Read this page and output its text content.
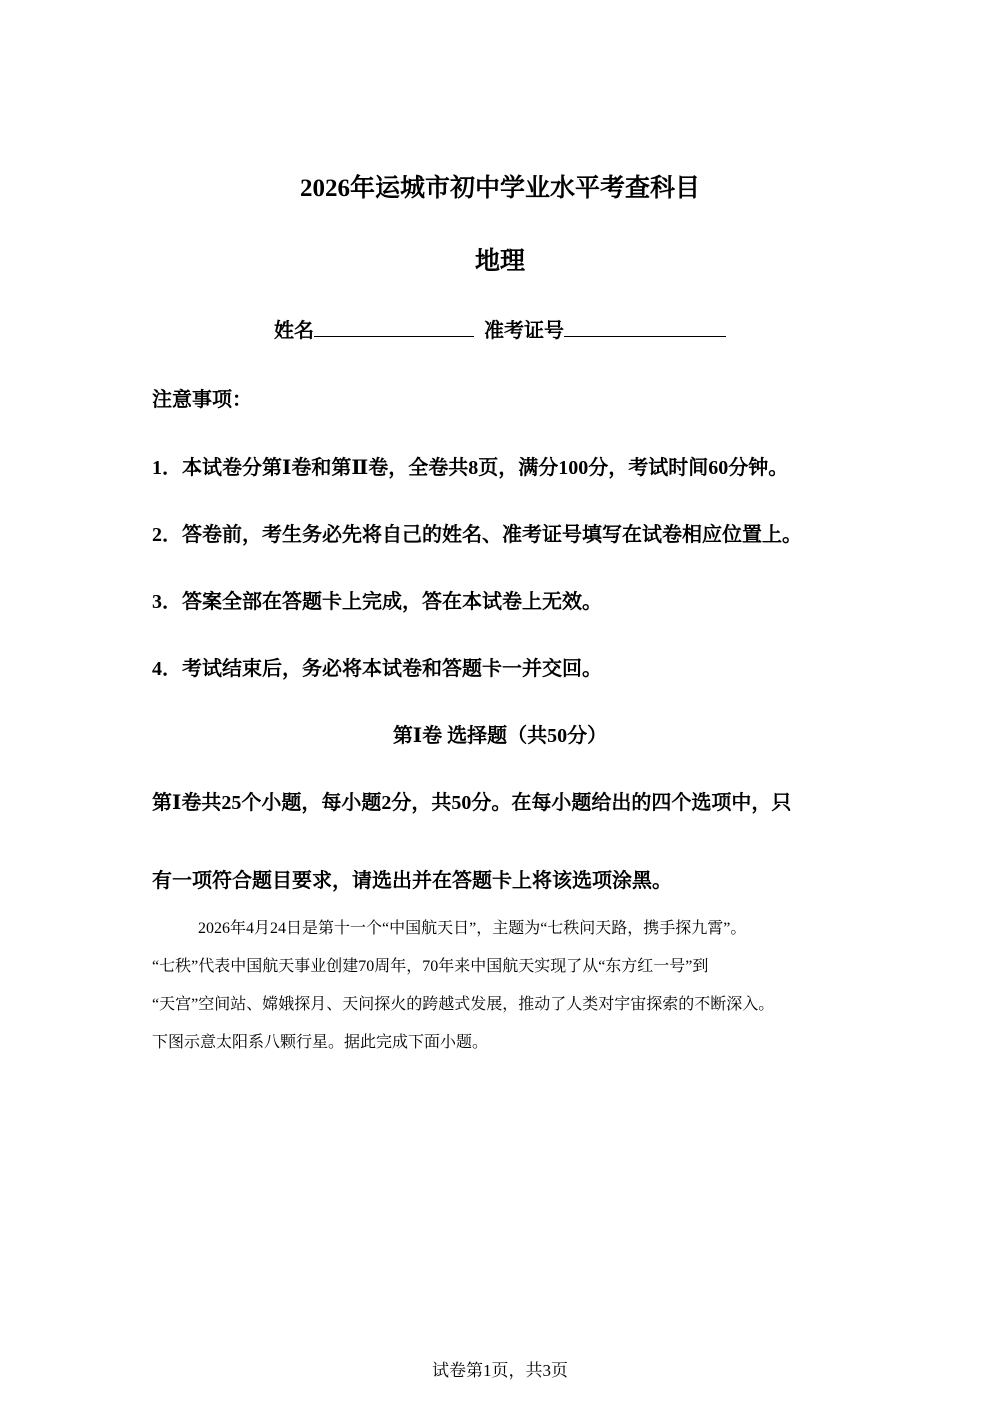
2026年运城市初中学业水平考查科目
地理
姓名	准考证号
注意事项：
1．本试卷分第Ⅰ卷和第Ⅱ卷，全卷共8页，满分100分，考试时间60分钟。
2．答卷前，考生务必先将自己的姓名、准考证号填写在试卷相应位置上。
3．答案全部在答题卡上完成，答在本试卷上无效。
4．考试结束后，务必将本试卷和答题卡一并交回。
第Ⅰ卷 选择题（共50分）
第Ⅰ卷共25个小题，每小题2分，共50分。在每小题给出的四个选项中，只
有一项符合题目要求，请选出并在答题卡上将该选项涂黑。
2026年4月24日是第十一个“中国航天日”，主题为“七秩问天路，携手探九霄”。
“七秩”代表中国航天事业创建70周年，70年来中国航天实现了从“东方红一号”到
“天宫”空间站、嫦娥探月、天问探火的跨越式发展，推动了人类对宇宙探索的不断深入。
下图示意太阳系八颗行星。据此完成下面小题。
试卷第1页，共3页
